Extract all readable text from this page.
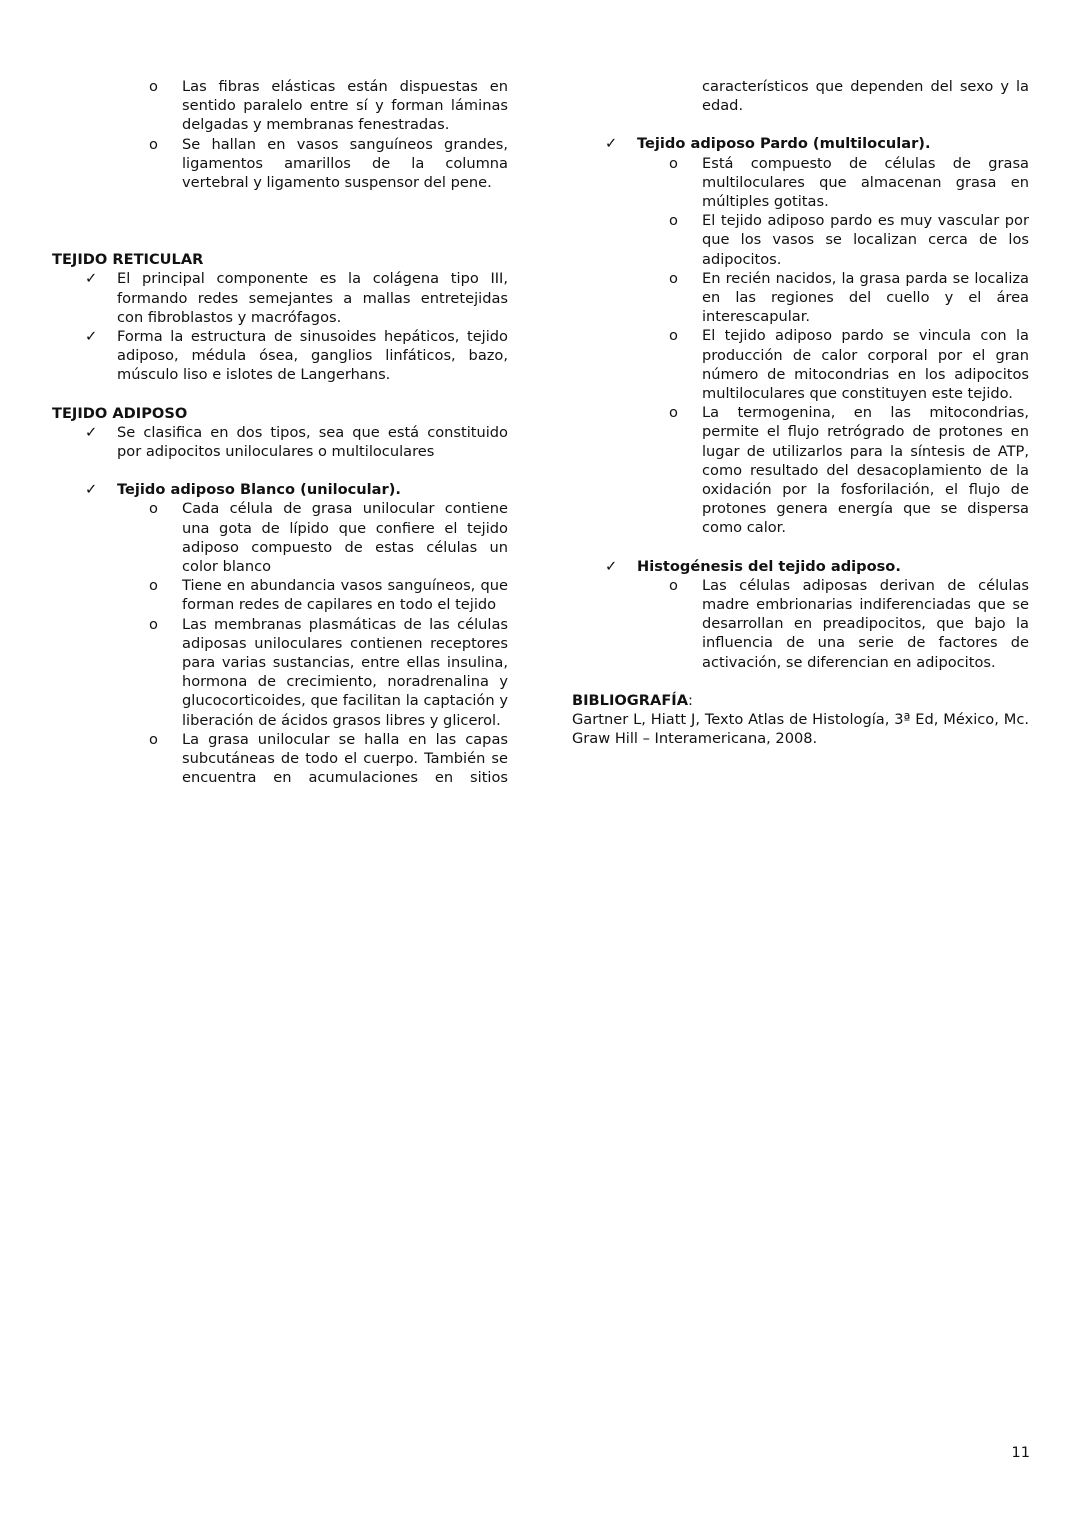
o Las fibras elásticas están dispuestas en sentido paralelo entre sí y forman láminas delgadas y membranas fenestradas.
o Se hallan en vasos sanguíneos grandes, ligamentos amarillos de la columna vertebral y ligamento suspensor del pene.
TEJIDO RETICULAR
✓ El principal componente es la colágena tipo III, formando redes semejantes a mallas entretejidas con fibroblastos y macrófagos.
✓ Forma la estructura de sinusoides hepáticos, tejido adiposo, médula ósea, ganglios linfáticos, bazo, músculo liso e islotes de Langerhans.
TEJIDO ADIPOSO
✓ Se clasifica en dos tipos, sea que está constituido por adipocitos uniloculares o multiloculares
✓ Tejido adiposo Blanco (unilocular).
o Cada célula de grasa unilocular contiene una gota de lípido que confiere el tejido adiposo compuesto de estas células un color blanco
o Tiene en abundancia vasos sanguíneos, que forman redes de capilares en todo el tejido
o Las membranas plasmáticas de las células adiposas uniloculares contienen receptores para varias sustancias, entre ellas insulina, hormona de crecimiento, noradrenalina y glucocorticoides, que facilitan la captación y liberación de ácidos grasos libres y glicerol.
o La grasa unilocular se halla en las capas subcutáneas de todo el cuerpo. También se encuentra en acumulaciones en sitios
característicos que dependen del sexo y la edad.
✓ Tejido adiposo Pardo (multilocular).
o Está compuesto de células de grasa multiloculares que almacenan grasa en múltiples gotitas.
o El tejido adiposo pardo es muy vascular por que los vasos se localizan cerca de los adipocitos.
o En recién nacidos, la grasa parda se localiza en las regiones del cuello y el área interescapular.
o El tejido adiposo pardo se vincula con la producción de calor corporal por el gran número de mitocondrias en los adipocitos multiloculares que constituyen este tejido.
o La termogenina, en las mitocondrias, permite el flujo retrógrado de protones en lugar de utilizarlos para la síntesis de ATP, como resultado del desacoplamiento de la oxidación por la fosforilación, el flujo de protones genera energía que se dispersa como calor.
✓ Histogénesis del tejido adiposo.
o Las células adiposas derivan de células madre embrionarias indiferenciadas que se desarrollan en preadipocitos, que bajo la influencia de una serie de factores de activación, se diferencian en adipocitos.
BIBLIOGRAFÍA:
Gartner L, Hiatt J, Texto Atlas de Histología, 3ª Ed, México, Mc. Graw Hill – Interamericana, 2008.
11
